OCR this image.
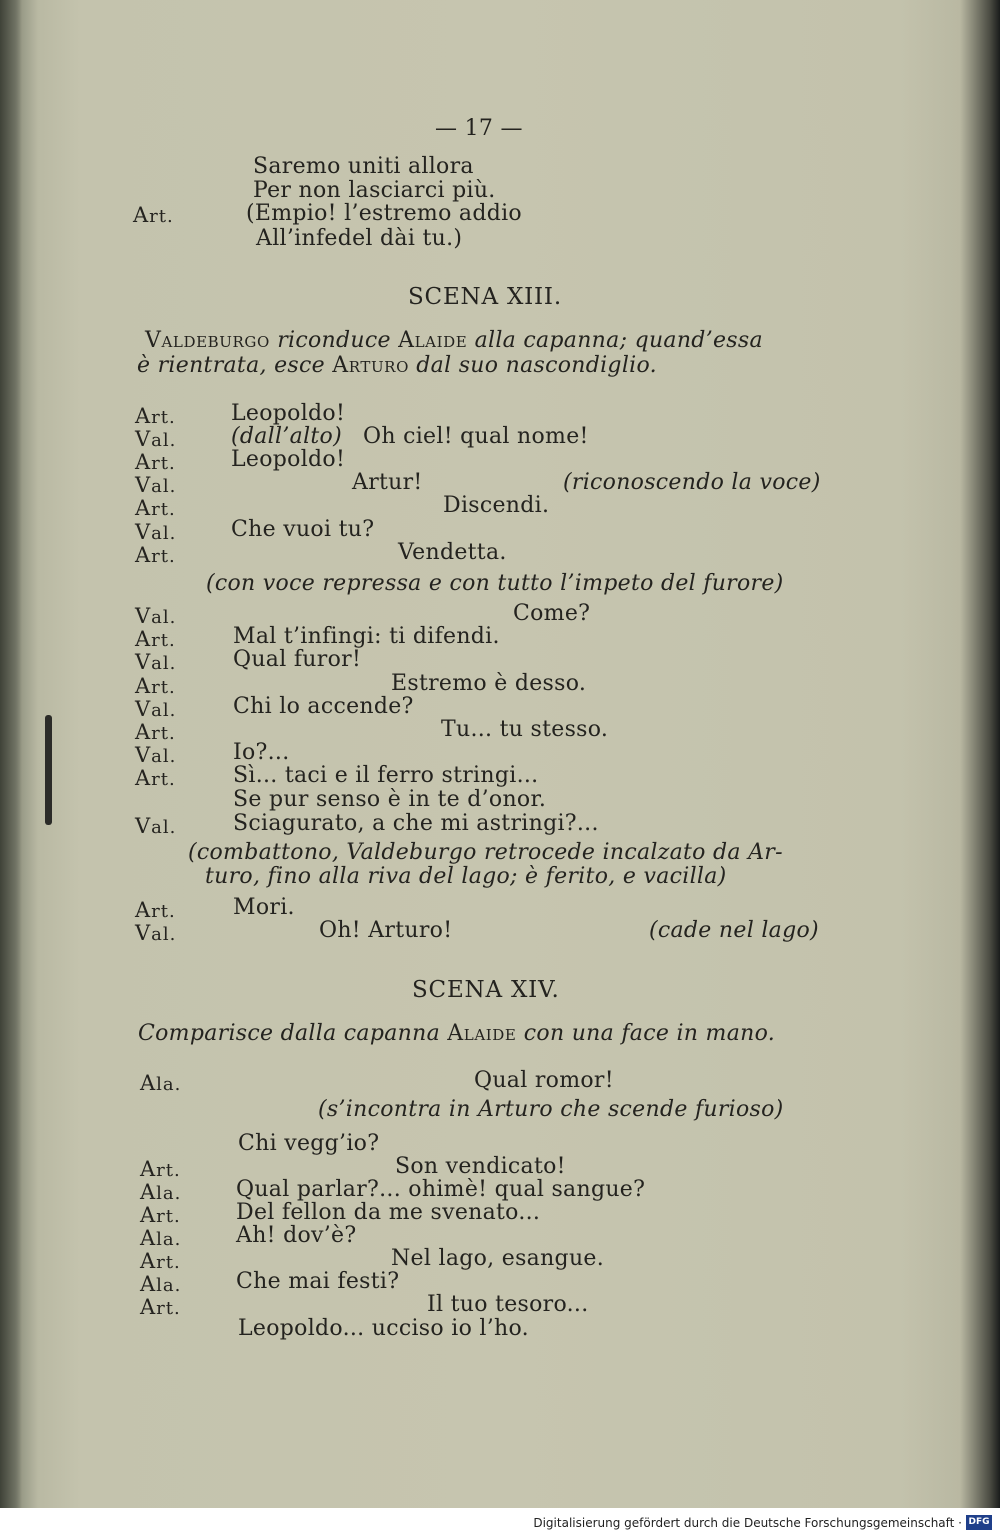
— 17 —
Saremo uniti allora
Per non lasciarci più.
Art.	(Empio! l’estremo addio
All’infedel dài tu.)
SCENA XIII.
Valdeburgo riconduce Alaide alla capanna; quand’essa
è rientrata, esce Arturo dal suo nascondiglio.
Art.	Leopoldo!
Val. (dall’alto) Oh ciel! qual nome!
Art.	Leopoldo!
Val.	Artur!	(riconoscendo la voce)
Art.	Discendi.
Val. Che vuoi tu?
Art.	Vendetta.
(con voce repressa e con tutto l’impeto del furore)
Val.	Come?
Art.	Mal t’infingi: ti difendi.
Val.	Qual furor!
Art.	Estremo è desso.
Val.	Chi lo accende?
Art.	Tu... tu stesso.
Val.	Io?...
Art.	Sì... taci e il ferro stringi...
Se pur senso è in te d’onor.
Val.	Sciagurato, a che mi astringi?...
(combattono, Valdeburgo retrocede incalzato da Ar-
turo, fino alla riva del lago; è ferito, e vacilla)
Art.	Mori.
Val.	Oh! Arturo!	(cade nel lago)
SCENA XIV.
Comparisce dalla capanna Alaide con una face in mano.
Ala.	Qual romor!
(s’incontra in Arturo che scende furioso)
Chi vegg’io?
Art.	Son vendicato!
Ala. Qual parlar?... ohimè! qual sangue?
Art.	Del fellon da me svenato...
Ala. Ah! dov’è?
Art.	Nel lago, esangue.
Ala. Che mai festi?
Art.	Il tuo tesoro...
Leopoldo... ucciso io l’ho.
Digitalisierung gefördert durch die Deutsche Forschungsgemeinschaft · DFG
